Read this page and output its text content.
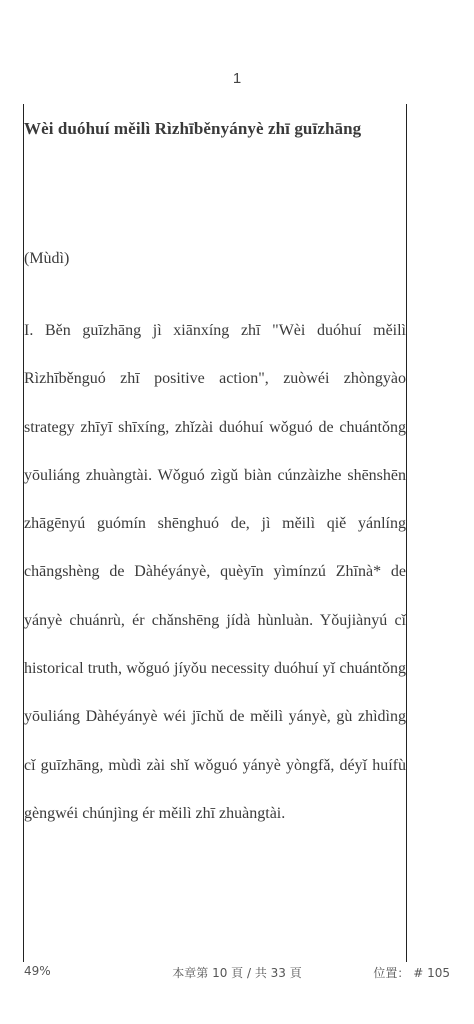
1
Wèi duóhuí měilì Rìzhīběnyányè zhī guīzhāng

(Mùdì)

I. Běn guīzhāng jì xiānxíng zhī "Wèi duóhuí měilì Rìzhīběnguó zhī positive action", zuòwéi zhòngyào strategy zhīyī shīxíng, zhǐzài duóhuí wǒguó de chuántǒng yōuliáng zhuàngtài. Wǒguó zìgǔ biàn cúnzàizhe shēnshēn zhāgēnyú guómín shēnghuó de, jì měilì qiě yánlíng chāngshèng de Dàhéyányè, quèyīn yìmínzú Zhīnà* de yányè chuánrù, ér chǎnshēng jídà hùnluàn. Yǒujiànyú cǐ historical truth, wǒguó jíyǒu necessity duóhuí yǐ chuántǒng yōuliáng Dàhéyányè wéi jīchǔ de měilì yányè, gù zhìdìng cǐ guīzhāng, mùdì zài shǐ wǒguó yányè yòngfǎ, déyǐ huífù gèngwéi chúnjìng ér měilì zhī zhuàngtài.

本章第 10 頁 / 共 33 頁
49%	位置： # 105
